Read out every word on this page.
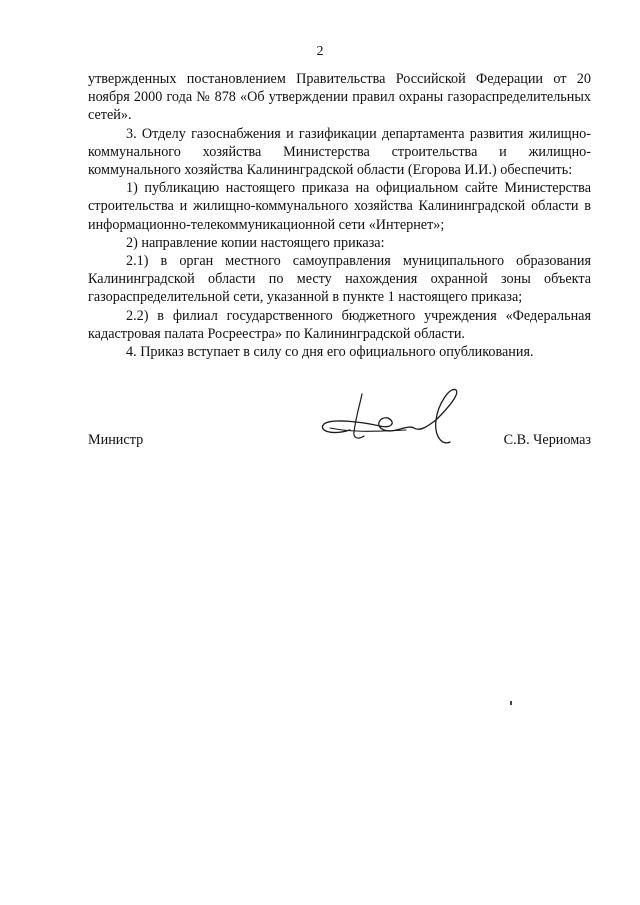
2

утвержденных постановлением Правительства Российской Федерации от 20 ноября 2000 года № 878 «Об утверждении правил охраны газораспределительных сетей».

3. Отделу газоснабжения и газификации департамента развития жилищно-коммунального хозяйства Министерства строительства и жилищно-коммунального хозяйства Калининградской области (Егорова И.И.) обеспечить:

1) публикацию настоящего приказа на официальном сайте Министерства строительства и жилищно-коммунального хозяйства Калининградской области в информационно-телекоммуникационной сети «Интернет»;

2) направление копии настоящего приказа:

2.1) в орган местного самоуправления муниципального образования Калининградской области по месту нахождения охранной зоны объекта газораспределительной сети, указанной в пункте 1 настоящего приказа;

2.2) в филиал государственного бюджетного учреждения «Федеральная кадастровая палата Росреестра» по Калининградской области.

4. Приказ вступает в силу со дня его официального опубликования.

Министр	С.В. Чериомаз
